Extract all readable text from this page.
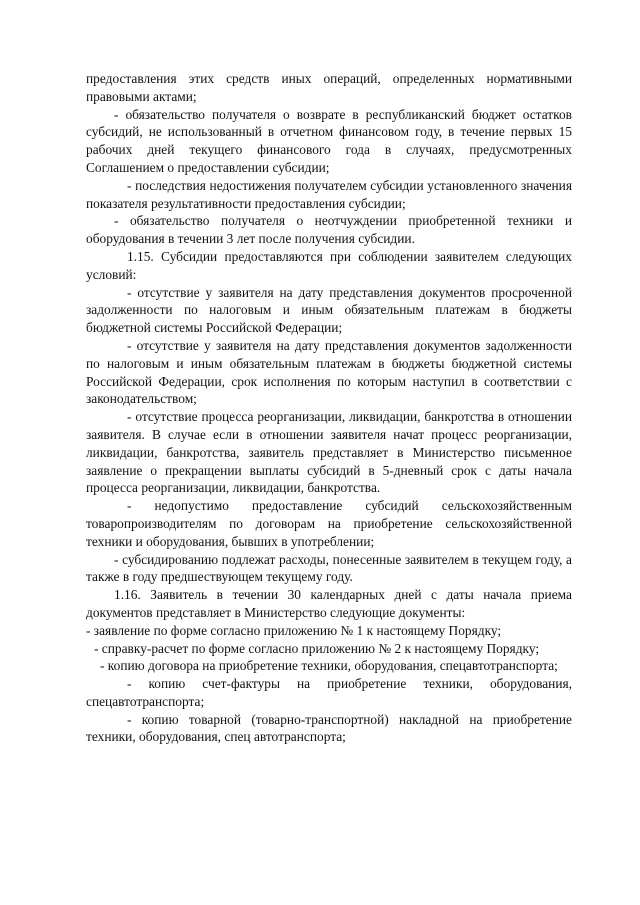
предоставления этих средств иных операций, определенных нормативными правовыми актами;

- обязательство получателя о возврате в республиканский бюджет остатков субсидий, не использованный в отчетном финансовом году, в течение первых 15 рабочих дней текущего финансового года в случаях, предусмотренных Соглашением о предоставлении субсидии;

- последствия недостижения получателем субсидии установленного значения показателя результативности предоставления субсидии;

- обязательство получателя о неотчуждении приобретенной техники и оборудования в течении 3 лет после получения субсидии.

1.15. Субсидии предоставляются при соблюдении заявителем следующих условий:

- отсутствие у заявителя на дату представления документов просроченной задолженности по налоговым и иным обязательным платежам в бюджеты бюджетной системы Российской Федерации;

- отсутствие у заявителя на дату представления документов задолженности по налоговым и иным обязательным платежам в бюджеты бюджетной системы Российской Федерации, срок исполнения по которым наступил в соответствии с законодательством;

- отсутствие процесса реорганизации, ликвидации, банкротства в отношении заявителя. В случае если в отношении заявителя начат процесс реорганизации, ликвидации, банкротства, заявитель представляет в Министерство письменное заявление о прекращении выплаты субсидий в 5-дневный срок с даты начала процесса реорганизации, ликвидации, банкротства.

- недопустимо предоставление субсидий сельскохозяйственным товаропроизводителям по договорам на приобретение сельскохозяйственной техники и оборудования, бывших в употреблении;

- субсидированию подлежат расходы, понесенные заявителем в текущем году, а также в году предшествующем текущему году.

1.16. Заявитель в течении 30 календарных дней с даты начала приема документов представляет в Министерство следующие документы:

- заявление по форме согласно приложению № 1 к настоящему Порядку;

- справку-расчет по форме согласно приложению № 2 к настоящему Порядку;

- копию договора на приобретение техники, оборудования, спецавтотранспорта;

- копию счет-фактуры на приобретение техники, оборудования, спецавтотранспорта;

- копию товарной (товарно-транспортной) накладной на приобретение техники, оборудования, спец автотранспорта;
